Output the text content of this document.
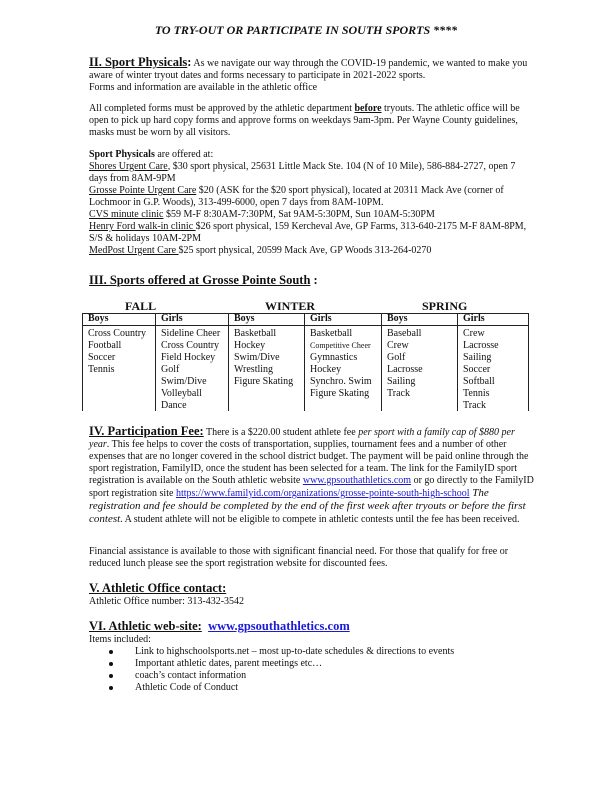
TO TRY-OUT OR PARTICIPATE IN SOUTH SPORTS ****
II. Sport Physicals: As we navigate our way through the COVID-19 pandemic, we wanted to make you aware of winter tryout dates and forms necessary to participate in 2021-2022 sports.
Forms and information are available in the athletic office
All completed forms must be approved by the athletic department before tryouts. The athletic office will be open to pick up hard copy forms and approve forms on weekdays 9am-3pm. Per Wayne County guidelines, masks must be worn by all visitors.
Sport Physicals are offered at:
Shores Urgent Care, $30 sport physical, 25631 Little Mack Ste. 104 (N of 10 Mile), 586-884-2727, open 7 days from 8AM-9PM
Grosse Pointe Urgent Care $20 (ASK for the $20 sport physical), located at 20311 Mack Ave (corner of Lochmoor in G.P. Woods), 313-499-6000, open 7 days from 8AM-10PM.
CVS minute clinic $59 M-F 8:30AM-7:30PM, Sat 9AM-5:30PM, Sun 10AM-5:30PM
Henry Ford walk-in clinic $26 sport physical, 159 Kercheval Ave, GP Farms, 313-640-2175 M-F 8AM-8PM, S/S & holidays 10AM-2PM
MedPost Urgent Care $25 sport physical, 20599 Mack Ave, GP Woods 313-264-0270
III. Sports offered at Grosse Pointe South :
FALL	WINTER	SPRING
Boys
Cross Country
Football
Soccer
Tennis
Girls
Sideline Cheer
Cross Country
Field Hockey
Golf
Swim/Dive
Volleyball
Dance
Boys
Basketball
Hockey
Swim/Dive
Wrestling
Figure Skating
Girls
Basketball
Competitive Cheer
Gymnastics
Hockey
Synchro. Swim
Figure Skating
Boys
Baseball
Crew
Golf
Lacrosse
Sailing
Track
Girls
Crew
Lacrosse
Sailing
Soccer
Softball
Tennis
Track
IV. Participation Fee: There is a $220.00 student athlete fee per sport with a family cap of $880 per year. This fee helps to cover the costs of transportation, supplies, tournament fees and a number of other expenses that are no longer covered in the school district budget. The payment will be paid online through the sport registration, FamilyID, once the student has been selected for a team. The link for the FamilyID sport registration is available on the South athletic website www.gpsouthathletics.com or go directly to the FamilyID sport registration site https://www.familyid.com/organizations/grosse-pointe-south-high-school The registration and fee should be completed by the end of the first week after tryouts or before the first contest. A student athlete will not be eligible to compete in athletic contests until the fee has been received.
Financial assistance is available to those with significant financial need. For those that qualify for free or reduced lunch please see the sport registration website for discounted fees.
V. Athletic Office contact:
Athletic Office number: 313-432-3542
VI. Athletic web-site: www.gpsouthathletics.com
Items included:
Link to highschoolsports.net – most up-to-date schedules & directions to events
Important athletic dates, parent meetings etc…
coach’s contact information
Athletic Code of Conduct
